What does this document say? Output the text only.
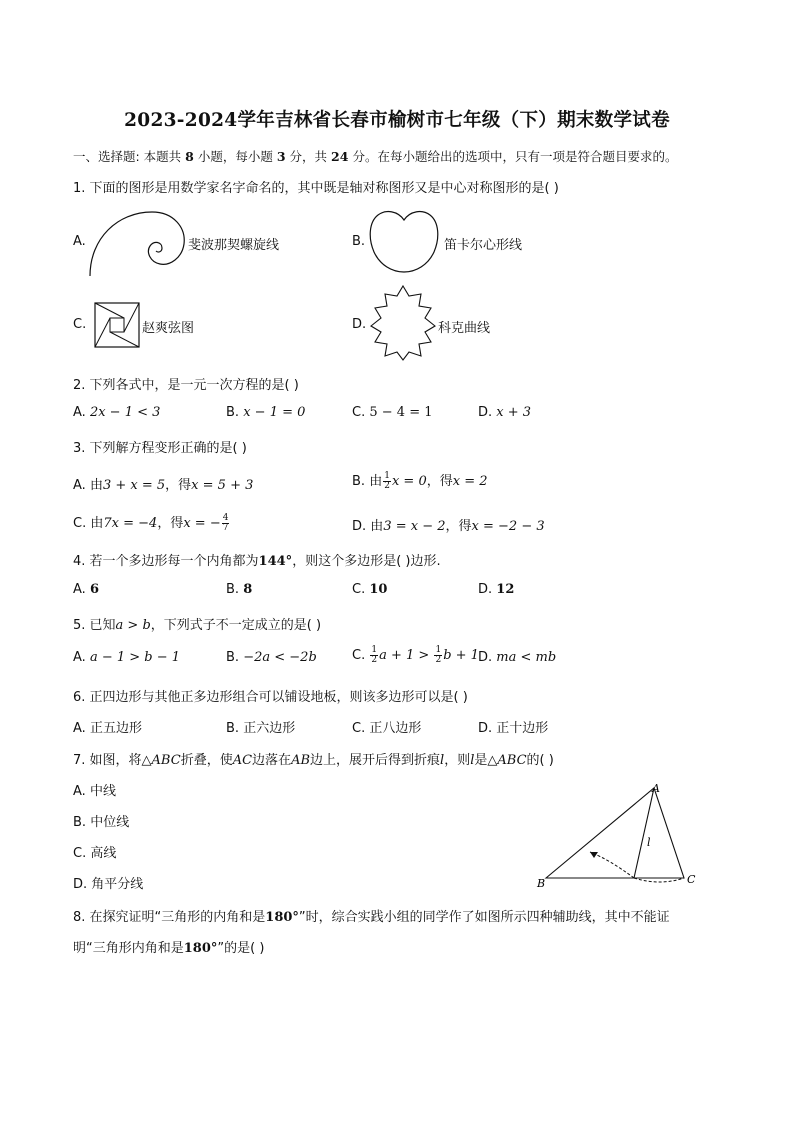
2023-2024学年吉林省长春市榆树市七年级（下）期末数学试卷
一、选择题: 本题共 8 小题，每小题 3 分，共 24 分。在每小题给出的选项中，只有一项是符合题目要求的。
1. 下面的图形是用数学家名字命名的，其中既是轴对称图形又是中心对称图形的是( )
A.	斐波那契螺旋线	B.	笛卡尔心形线
C.	赵爽弦图	D.	科克曲线
2. 下列各式中，是一元一次方程的是( )
A. 2x − 1 < 3	B. x − 1 = 0	C. 5 − 4 = 1	D. x + 3
3. 下列解方程变形正确的是( )
A. 由3 + x = 5，得x = 5 + 3	B. 由 $\frac{1}{2}$ x = 0，得x = 2
C. 由7x = −4，得x = − $\frac{4}{7}$	D. 由3 = x − 2，得x = −2 − 3
4. 若一个多边形每一个内角都为144°，则这个多边形是( )边形.
A. 6	B. 8	C. 10	D. 12
5. 已知a > b，下列式子不一定成立的是( )
A. a − 1 > b − 1	B. −2a < −2b	C. $\frac{1}{2}$ $a + 1 > \frac{1}{2}$ b + 1 D. ma < mb
6. 正四边形与其他正多边形组合可以铺设地板，则该多边形可以是( )
A. 正五边形	B. 正六边形	C. 正八边形	D. 正十边形
7. 如图，将△ABC折叠，使AC边落在AB边上，展开后得到折痕l，则l是△ABC的( )
A. 中线
B. 中位线
C. 高线
D. 角平分线
A
B	C
l
8. 在探究证明“三角形的内角和是180°”时，综合实践小组的同学作了如图所示四种辅助线，其中不能证
明“三角形内角和是180°”的是( )
